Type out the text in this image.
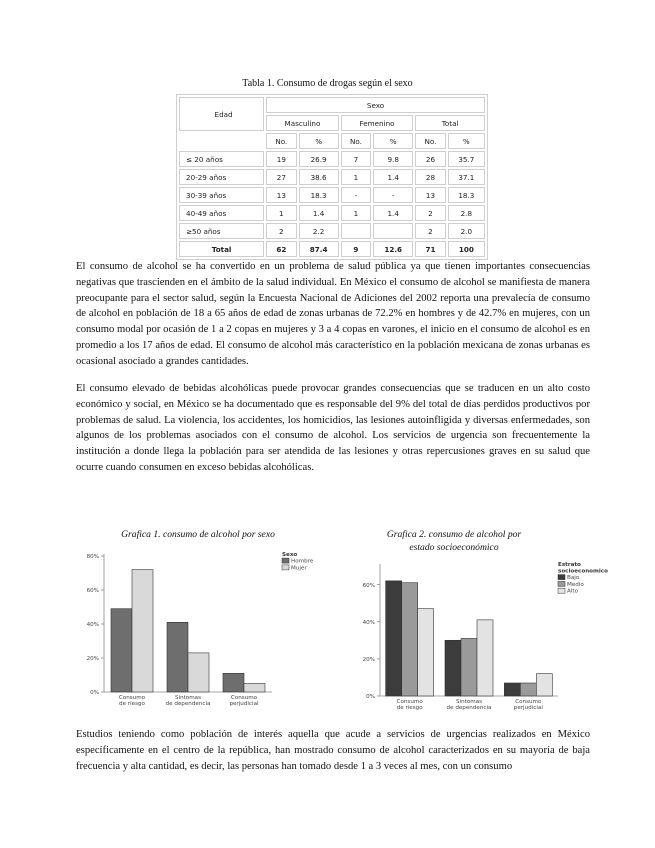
Tabla 1. Consumo de drogas según el sexo
Edad	Sexo					
	Masculino		Femenino		Total	
	No.	%	No.	%	No.	%
≤ 20 años	19	26.9	7	9.8	26	35.7
20-29 años	27	38.6	1	1.4	28	37.1
30-39 años	13	18.3	-	-	13	18.3
40-49 años	1	1.4	1	1.4	2	2.8
≥50 años	2	2.2			2	2.0
Total	62	87.4	9	12.6	71	100

El consumo de alcohol se ha convertido en un problema de salud pública ya que tienen importantes consecuencias negativas que trascienden en el ámbito de la salud individual. En México el consumo de alcohol se manifiesta de manera preocupante para el sector salud, según la Encuesta Nacional de Adiciones del 2002 reporta una prevalecía de consumo de alcohol en población de 18 a 65 años de edad de zonas urbanas de 72.2% en hombres y de 42.7% en mujeres, con un consumo modal por ocasión de 1 a 2 copas en mujeres y 3 a 4 copas en varones, el inicio en el consumo de alcohol es en promedio a los 17 años de edad. El consumo de alcohol más característico en la población mexicana de zonas urbanas es ocasional asociado a grandes cantidades.

El consumo elevado de bebidas alcohólicas puede provocar grandes consecuencias que se traducen en un alto costo económico y social, en México se ha documentado que es responsable del 9% del total de días perdidos productivos por problemas de salud. La violencia, los accidentes, los homicidios, las lesiones autoinfligida y diversas enfermedades, son algunos de los problemas asociados con el consumo de alcohol. Los servicios de urgencia son frecuentemente la institución a donde llega la población para ser atendida de las lesiones y otras repercusiones graves en su salud que ocurre cuando consumen en exceso bebidas alcohólicas.

Estudios teniendo como población de interés aquella que acude a servicios de urgencias realizados en México específicamente en el centro de la república, han mostrado consumo de alcohol caracterizados en su mayoría de baja frecuencia y alta cantidad, es decir, las personas han tomado desde 1 a 3 veces al mes, con un consumo

Grafica 1. consumo de alcohol por sexo
0%
20%
40%
60%
80%
Consumo de riesgo
Sintomas de dependencia
Consumo perjudicial
Sexo
Hombre
Mujer
Grafica 2. consumo de alcohol por estado socioeconómico
0%
20%
40%
60%
Consumo de riesgo
Sintomas de dependencia
Consumo perjudicial
Estrato
socioeconomico
Bajo
Medio
Alto
